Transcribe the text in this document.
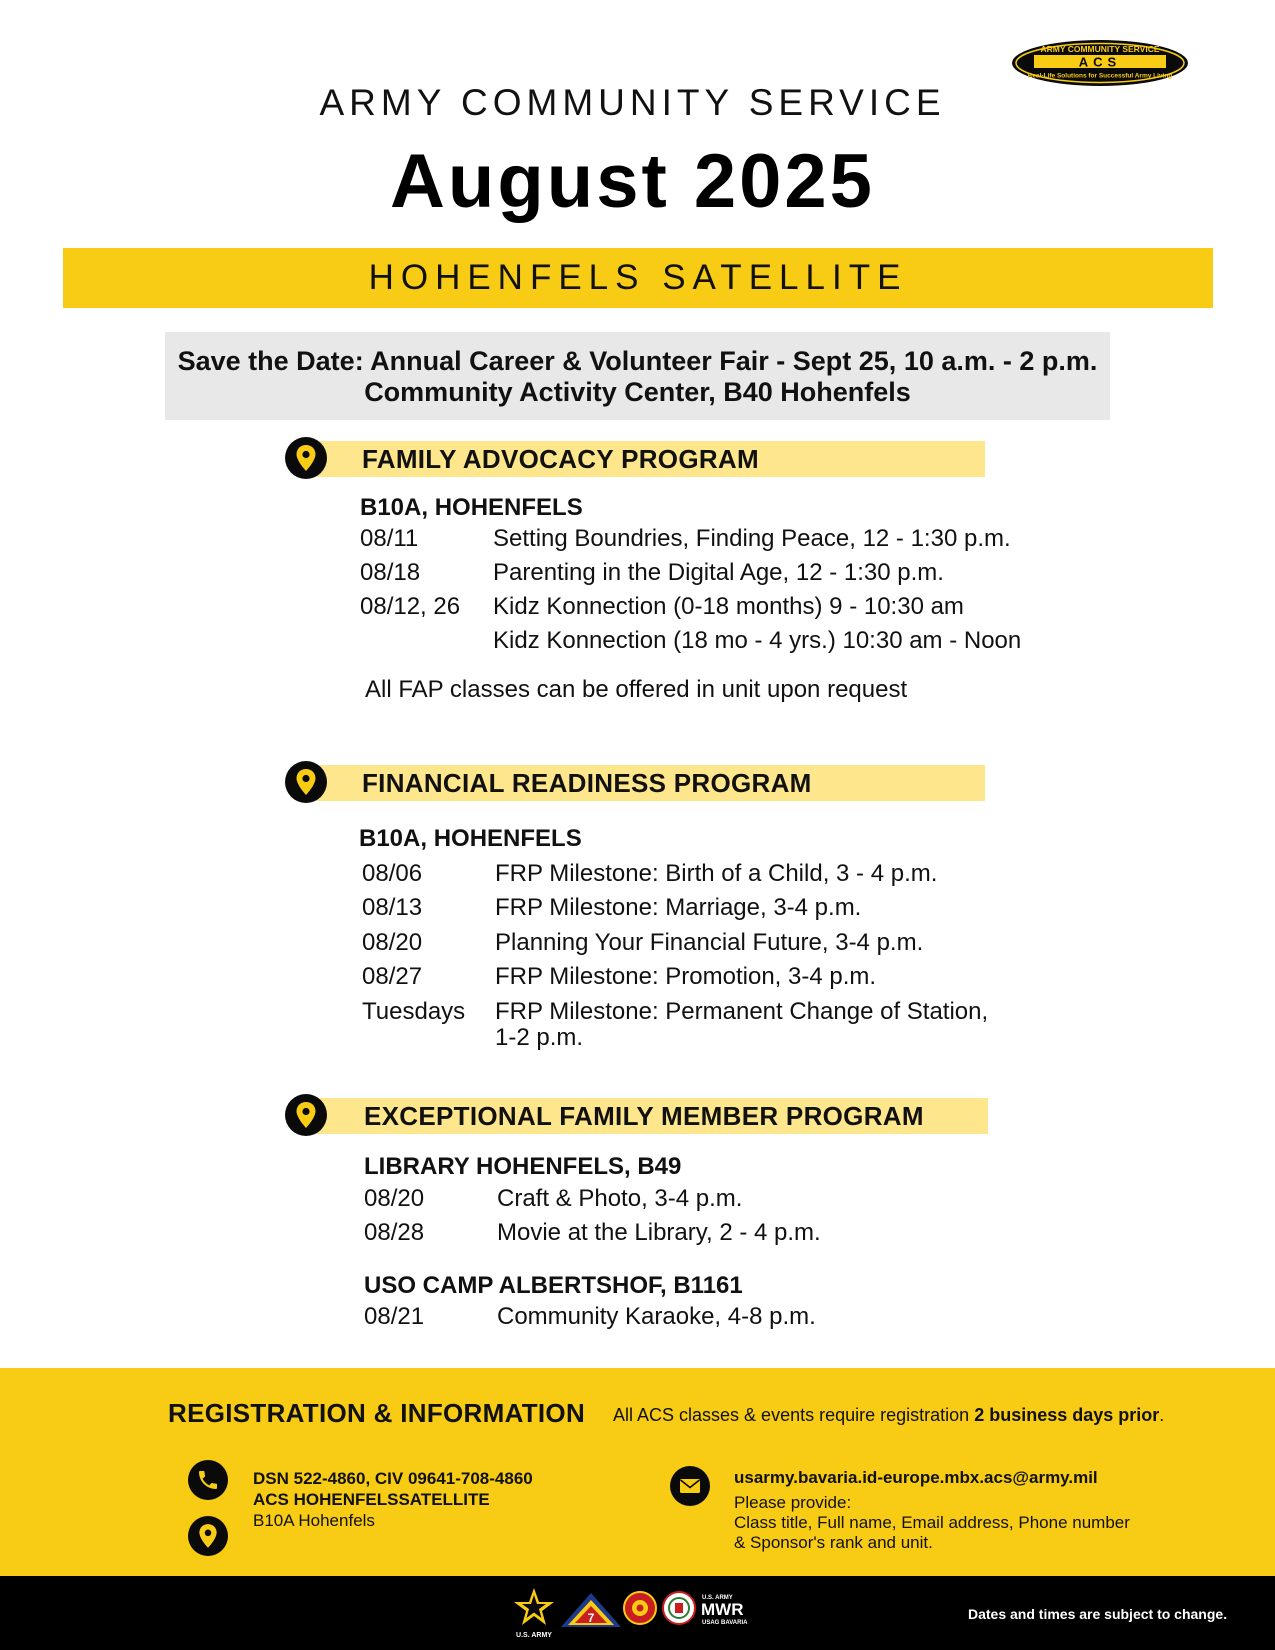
ARMY COMMUNITY SERVICE
ACS
Real-Life Solutions for Successful Army Living
ARMY COMMUNITY SERVICE
August 2025
HOHENFELS SATELLITE
Save the Date: Annual Career & Volunteer Fair - Sept 25, 10 a.m. - 2 p.m.
Community Activity Center, B40 Hohenfels
FAMILY ADVOCACY PROGRAM
B10A, HOHENFELS
08/11	Setting Boundries, Finding Peace, 12 - 1:30 p.m.
08/18	Parenting in the Digital Age, 12 - 1:30 p.m.
08/12, 26 Kidz Konnection (0-18 months) 9 - 10:30 am
Kidz Konnection (18 mo - 4 yrs.) 10:30 am - Noon
All FAP classes can be offered in unit upon request
FINANCIAL READINESS PROGRAM
B10A, HOHENFELS
08/06	FRP Milestone: Birth of a Child, 3 - 4 p.m.
08/13	FRP Milestone: Marriage, 3-4 p.m.
08/20	Planning Your Financial Future, 3-4 p.m.
08/27	FRP Milestone: Promotion, 3-4 p.m.
Tuesdays FRP Milestone: Permanent Change of Station,
1-2 p.m.
EXCEPTIONAL FAMILY MEMBER PROGRAM
LIBRARY HOHENFELS, B49
08/20	Craft & Photo, 3-4 p.m.
08/28	Movie at the Library, 2 - 4 p.m.
USO CAMP ALBERTSHOF, B1161
08/21	Community Karaoke, 4-8 p.m.
REGISTRATION & INFORMATION All ACS classes & events require registration 2 business days prior.
DSN 522-4860, CIV 09641-708-4860
ACS HOHENFELSSATELLITE
B10A Hohenfels
usarmy.bavaria.id-europe.mbx.acs@army.mil
Please provide:
Class title, Full name, Email address, Phone number
& Sponsor's rank and unit.
U.S. ARMY
7
U.S. ARMY
MWR
USAG BAVARIA
Dates and times are subject to change.
